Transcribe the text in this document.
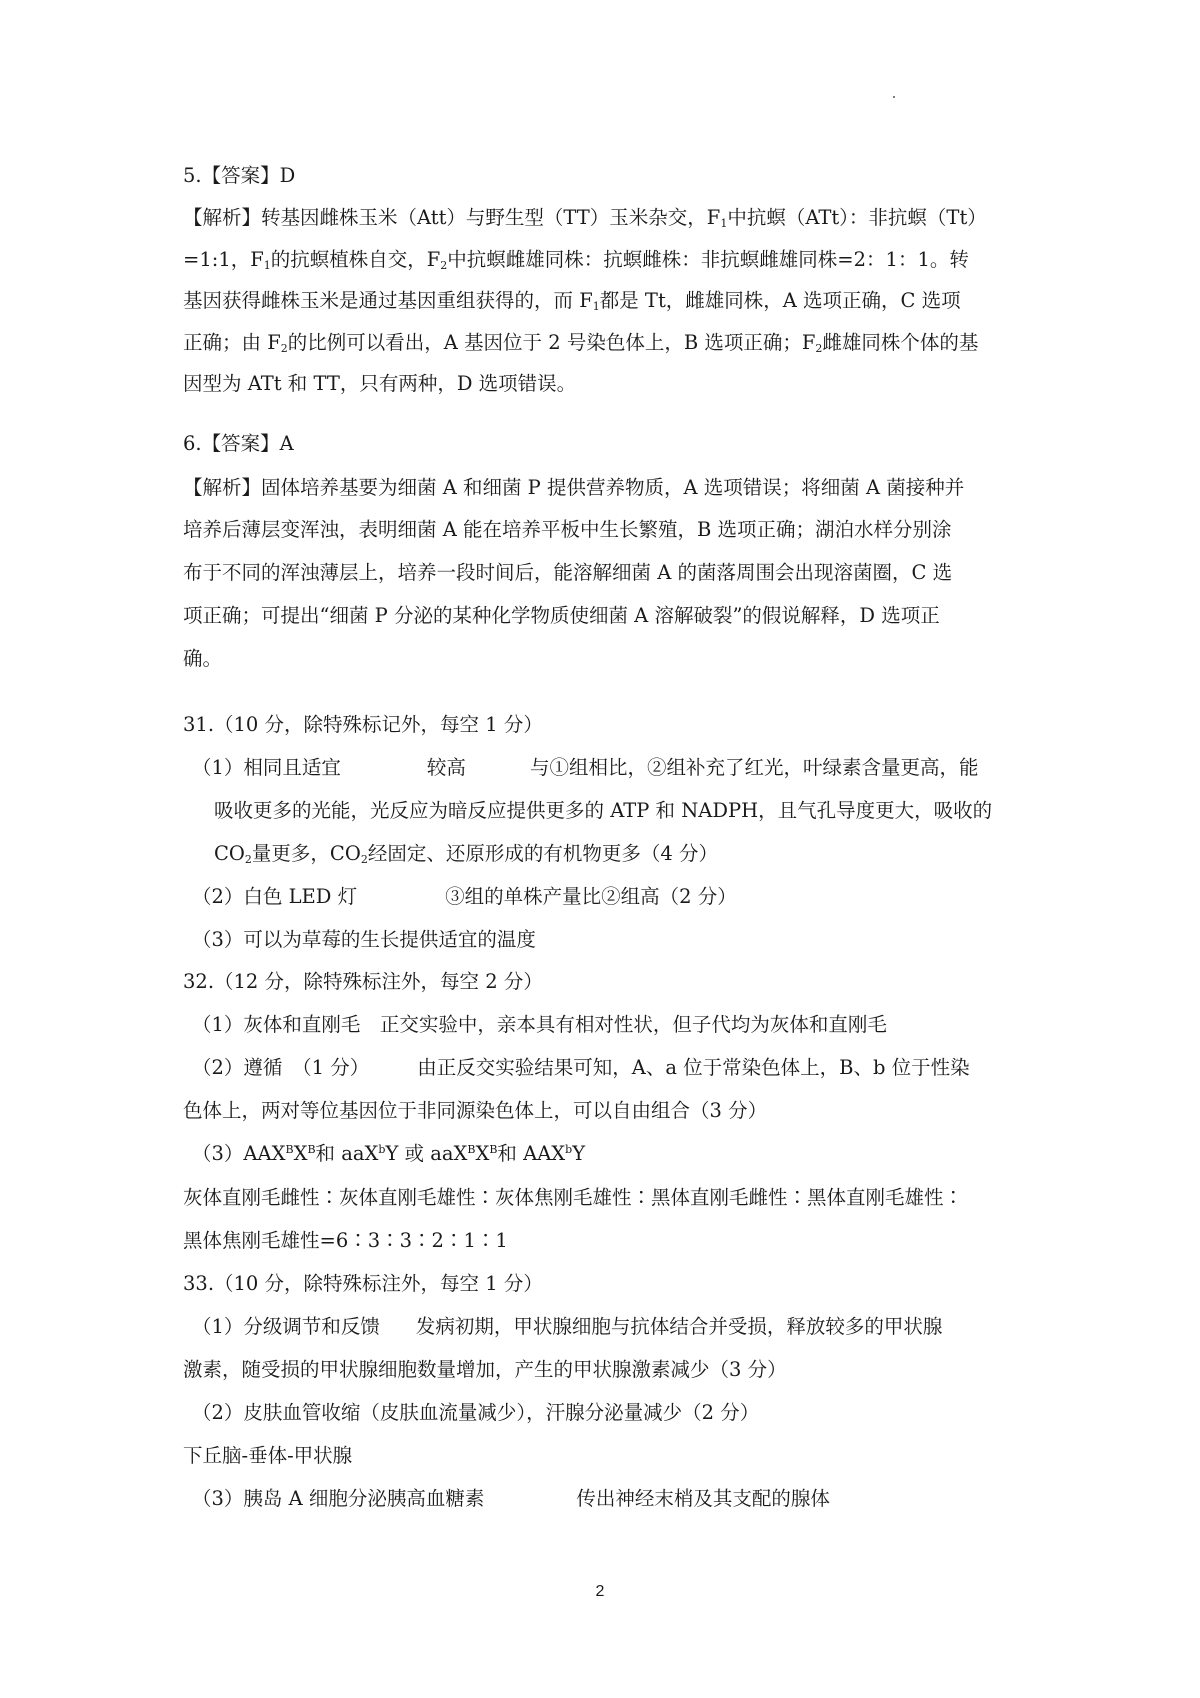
5.【答案】D
【解析】转基因雌株玉米（Att）与野生型（TT）玉米杂交，$F_1$中抗螟（ATt）：非抗螟（Tt）
=1:1，$F_1$的抗螟植株自交，$F_2$中抗螟雌雄同株：抗螟雌株：非抗螟雌雄同株=2：1：1。转
基因获得雌株玉米是通过基因重组获得的，而 $F_1$都是 Tt，雌雄同株，A 选项正确，C 选项
正确；由 $F_2$的比例可以看出，A 基因位于 2 号染色体上，B 选项正确；$F_2$雌雄同株个体的基
因型为 ATt 和 TT，只有两种，D 选项错误。
6.【答案】A
【解析】固体培养基要为细菌 A 和细菌 P 提供营养物质，A 选项错误；将细菌 A 菌接种并
培养后薄层变浑浊，表明细菌 A 能在培养平板中生长繁殖，B 选项正确；湖泊水样分别涂
布于不同的浑浊薄层上，培养一段时间后，能溶解细菌 A 的菌落周围会出现溶菌圈，C 选
项正确；可提出“细菌 P 分泌的某种化学物质使细菌 A 溶解破裂”的假说解释，D 选项正
确。
31.（10 分，除特殊标记外，每空 1 分）
（1）相同且适宜	较高	与①组相比，②组补充了红光，叶绿素含量更高，能
吸收更多的光能，光反应为暗反应提供更多的 ATP 和 NADPH，且气孔导度更大，吸收的
$CO_2$量更多，$CO_2$经固定、还原形成的有机物更多（4 分）
（2）白色 LED 灯	③组的单株产量比②组高（2 分）
（3）可以为草莓的生长提供适宜的温度
32.（12 分，除特殊标注外，每空 2 分）
（1）灰体和直刚毛　正交实验中，亲本具有相对性状，但子代均为灰体和直刚毛
（2）遵循　（1 分） 由正反交实验结果可知，A、a 位于常染色体上，B、b 位于性染
色体上，两对等位基因位于非同源染色体上，可以自由组合（3 分）
$(3)AAX^BX^B$和 aaX$^b$Y 或 $aaX^BX^B$和 AAX$^b$Y
灰体直刚毛雌性∶灰体直刚毛雄性∶灰体焦刚毛雄性∶黑体直刚毛雌性∶黑体直刚毛雄性∶
黑体焦刚毛雄性=6∶3∶3∶2∶1∶1
33.（10 分，除特殊标注外，每空 1 分）
（1）分级调节和反馈 发病初期，甲状腺细胞与抗体结合并受损，释放较多的甲状腺
激素，随受损的甲状腺细胞数量增加，产生的甲状腺激素减少（3 分）
（2）皮肤血管收缩（皮肤血流量减少），汗腺分泌量减少（2 分）
下丘脑-垂体-甲状腺
（3）胰岛 A 细胞分泌胰高血糖素	传出神经末梢及其支配的腺体
2
